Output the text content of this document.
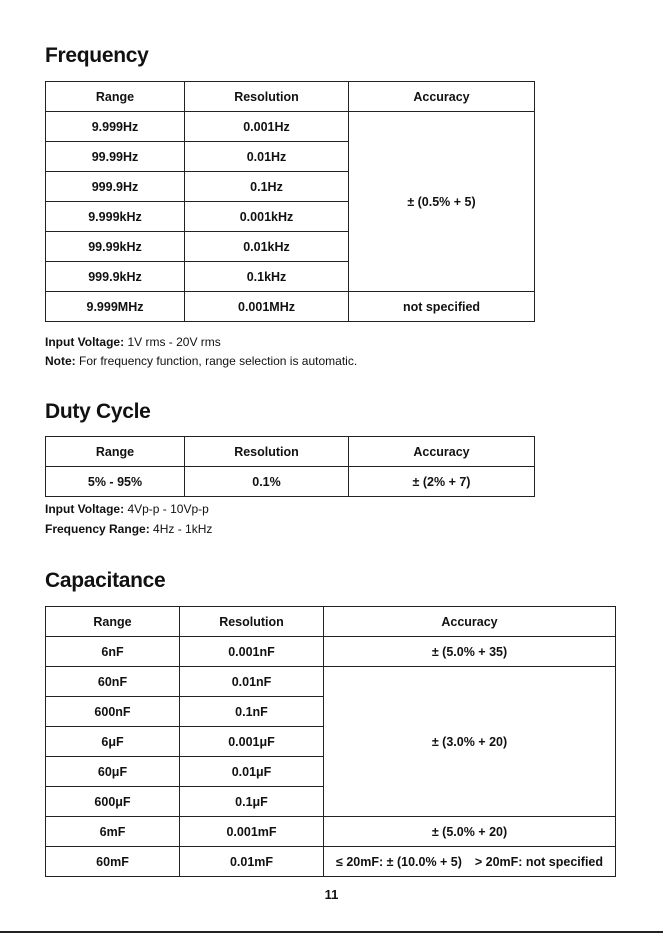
Frequency
Range	Resolution	Accuracy
9.999Hz	0.001Hz	± (0.5% + 5)
99.99Hz	0.01Hz	
999.9Hz	0.1Hz	
9.999kHz	0.001kHz	
99.99kHz	0.01kHz	
999.9kHz	0.1kHz	
9.999MHz	0.001MHz	not specified
Input Voltage: 1V rms - 20V rms
Note: For frequency function, range selection is automatic.
Duty Cycle
Range	Resolution	Accuracy
5% - 95%	0.1%	± (2% + 7)
Input Voltage: 4Vp-p - 10Vp-p
Frequency Range: 4Hz - 1kHz
Capacitance
Range	Resolution	Accuracy
6nF	0.001nF	± (5.0% + 35)
60nF	0.01nF	± (3.0% + 20)
600nF	0.1nF	
6μF	0.001μF	
60μF	0.01μF	
600μF	0.1μF	
6mF	0.001mF	± (5.0% + 20)
60mF	0.01mF	≤ 20mF: ± (10.0% + 5) > 20mF: not specified
11
